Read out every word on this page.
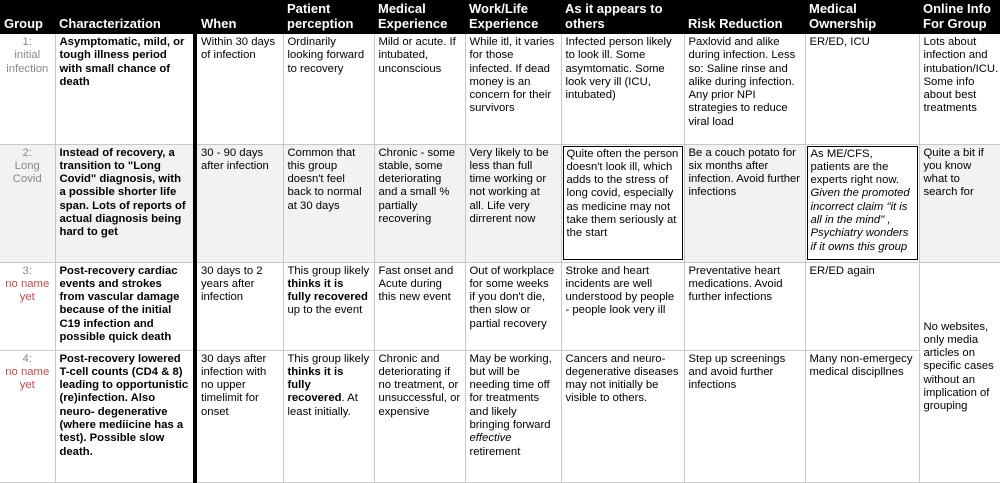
Group	Characterization	When	Patient perception	Medical Experience	Work/Life Experience	As it appears to others	Risk Reduction	Medical Ownership	Online Info For Group

1:
initial infection	Asymptomatic, mild, or tough illness period with small chance of death	Within 30 days of infection	Ordinarily looking forward to recovery	Mild or acute. If intubated, unconscious	While itl, it varies for those infected. If dead money is an concern for their survivors	Infected person likely to look ill. Some asymtomatic. Some look very ill (ICU, intubated)	Paxlovid and alike during infection. Less so: Saline rinse and alike during infection. Any prior NPI strategies to reduce viral load	ER/ED, ICU	Lots about infection and intubation/ICU. Some info about best treatments

2:
Long Covid	Instead of recovery, a transition to "Long Covid" diagnosis, with a possible shorter life span. Lots of reports of actual diagnosis being hard to get	30 - 90 days after infection	Common that this group doesn't feel back to normal at 30 days	Chronic - some stable, some deteriorating and a small % partially recovering	Very likely to be less than full time working or not working at all. Life very dirrerent now	Quite often the person doesn't look ill, which adds to the stress of long covid, especially as medicine may not take them seriously at the start	Be a couch potato for six months after infection. Avoid further infections	As ME/CFS, patients are the experts right now. Given the promoted incorrect claim "it is all in the mind" , Psychiatry wonders if it owns this group	Quite a bit if you know what to search for

3:
no name yet	Post-recovery cardiac events and strokes from vascular damage because of the initial C19 infection and possible quick death	30 days to 2 years after infection	This group likely thinks it is fully recovered up to the event	Fast onset and Acute during this new event	Out of workplace for some weeks if you don't die, then slow or partial recovery	Stroke and heart incidents are well understood by people - people look very ill	Preventative heart medications. Avoid further infections	ER/ED again	No websites, only media articles on specific cases without an implication of grouping

4:
no name yet	Post-recovery lowered T-cell counts (CD4 & 8) leading to opportunistic (re)infection. Also neuro- degenerative (where mediicine has a test). Possible slow death.	30 days after infection with no upper timelimit for onset	This group likely thinks it is fully recovered. At least initially.	Chronic and deteriorating if no treatment, or unsuccessful, or expensive	May be working, but will be needing time off for treatments and likely bringing forward effective retirement	Cancers and neuro-degenerative diseases may not initially be visible to others.	Step up screenings and avoid further infections	Many non-emergecy medical discipllnes	
